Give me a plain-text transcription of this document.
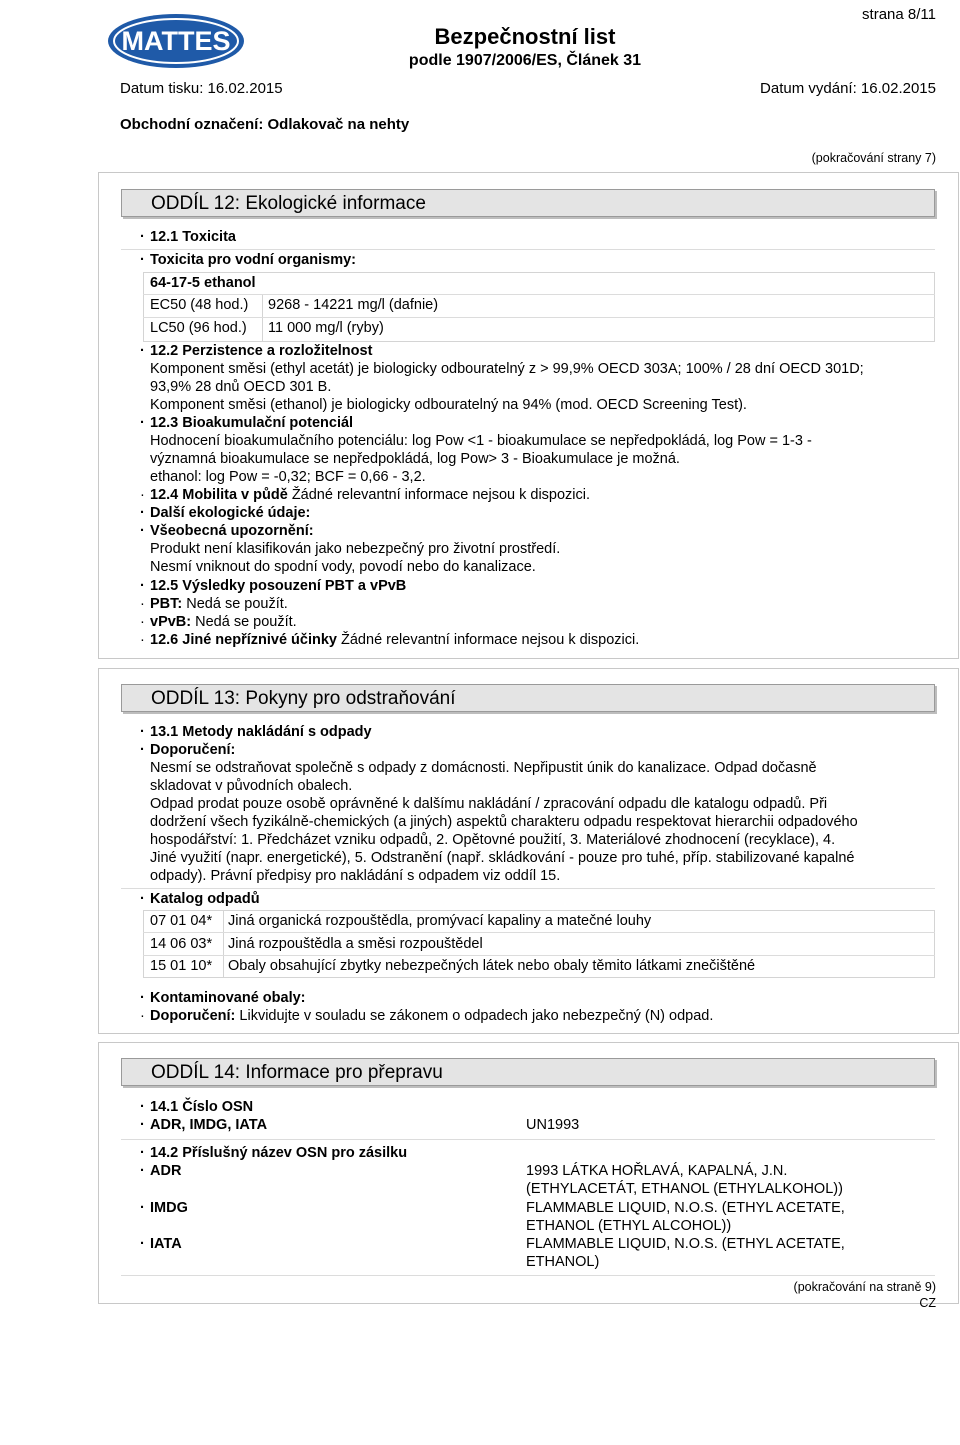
MATTES	Bezpečnostní list
podle 1907/2006/ES, Článek 31
strana 8/11
Datum tisku: 16.02.2015	Datum vydání: 16.02.2015
Obchodní označení: Odlakovač na nehty
(pokračování strany 7)
ODDÍL 12: Ekologické informace
· 12.1 Toxicita
· Toxicita pro vodní organismy:
64-17-5 ethanol
EC50 (48 hod.) 9268 - 14221 mg/l (dafnie)
LC50 (96 hod.) 11 000 mg/l (ryby)
· 12.2 Perzistence a rozložitelnost
Komponent směsi (ethyl acetát) je biologicky odbouratelný z > 99,9% OECD 303A; 100% / 28 dní OECD 301D;
93,9% 28 dnů OECD 301 B.
Komponent směsi (ethanol) je biologicky odbouratelný na 94% (mod. OECD Screening Test).
· 12.3 Bioakumulační potenciál
Hodnocení bioakumulačního potenciálu: log Pow <1 - bioakumulace se nepředpokládá, log Pow = 1-3 -
významná bioakumulace se nepředpokládá, log Pow> 3 - Bioakumulace je možná.
ethanol: log Pow = -0,32; BCF = 0,66 - 3,2.
· 12.4 Mobilita v půdě Žádné relevantní informace nejsou k dispozici.
· Další ekologické údaje:
· Všeobecná upozornění:
Produkt není klasifikován jako nebezpečný pro životní prostředí.
Nesmí vniknout do spodní vody, povodí nebo do kanalizace.
· 12.5 Výsledky posouzení PBT a vPvB
· PBT: Nedá se použít.
· vPvB: Nedá se použít.
· 12.6 Jiné nepříznivé účinky Žádné relevantní informace nejsou k dispozici.
ODDÍL 13: Pokyny pro odstraňování
· 13.1 Metody nakládání s odpady
· Doporučení:
Nesmí se odstraňovat společně s odpady z domácnosti. Nepřipustit únik do kanalizace. Odpad dočasně
skladovat v původních obalech.
Odpad prodat pouze osobě oprávněné k dalšímu nakládání / zpracování odpadu dle katalogu odpadů. Při
dodržení všech fyzikálně-chemických (a jiných) aspektů charakteru odpadu respektovat hierarchii odpadového
hospodářství: 1. Předcházet vzniku odpadů, 2. Opětovné použití, 3. Materiálové zhodnocení (recyklace), 4.
Jiné využití (napr. energetické), 5. Odstranění (např. skládkování - pouze pro tuhé, příp. stabilizované kapalné
odpady). Právní předpisy pro nakládání s odpadem viz oddíl 15.
· Katalog odpadů
07 01 04* Jiná organická rozpouštědla, promývací kapaliny a matečné louhy
14 06 03* Jiná rozpouštědla a směsi rozpouštědel
15 01 10* Obaly obsahující zbytky nebezpečných látek nebo obaly těmito látkami znečištěné
· Kontaminované obaly:
· Doporučení: Likvidujte v souladu se zákonem o odpadech jako nebezpečný (N) odpad.
ODDÍL 14: Informace pro přepravu
· 14.1 Číslo OSN
· ADR, IMDG, IATA	UN1993
· 14.2 Příslušný název OSN pro zásilku
· ADR	1993 LÁTKA HOŘLAVÁ, KAPALNÁ, J.N.
(ETHYLACETÁT, ETHANOL (ETHYLALKOHOL))
· IMDG	FLAMMABLE LIQUID, N.O.S. (ETHYL ACETATE,
ETHANOL (ETHYL ALCOHOL))
· IATA	FLAMMABLE LIQUID, N.O.S. (ETHYL ACETATE,
ETHANOL)
(pokračování na straně 9)
CZ
